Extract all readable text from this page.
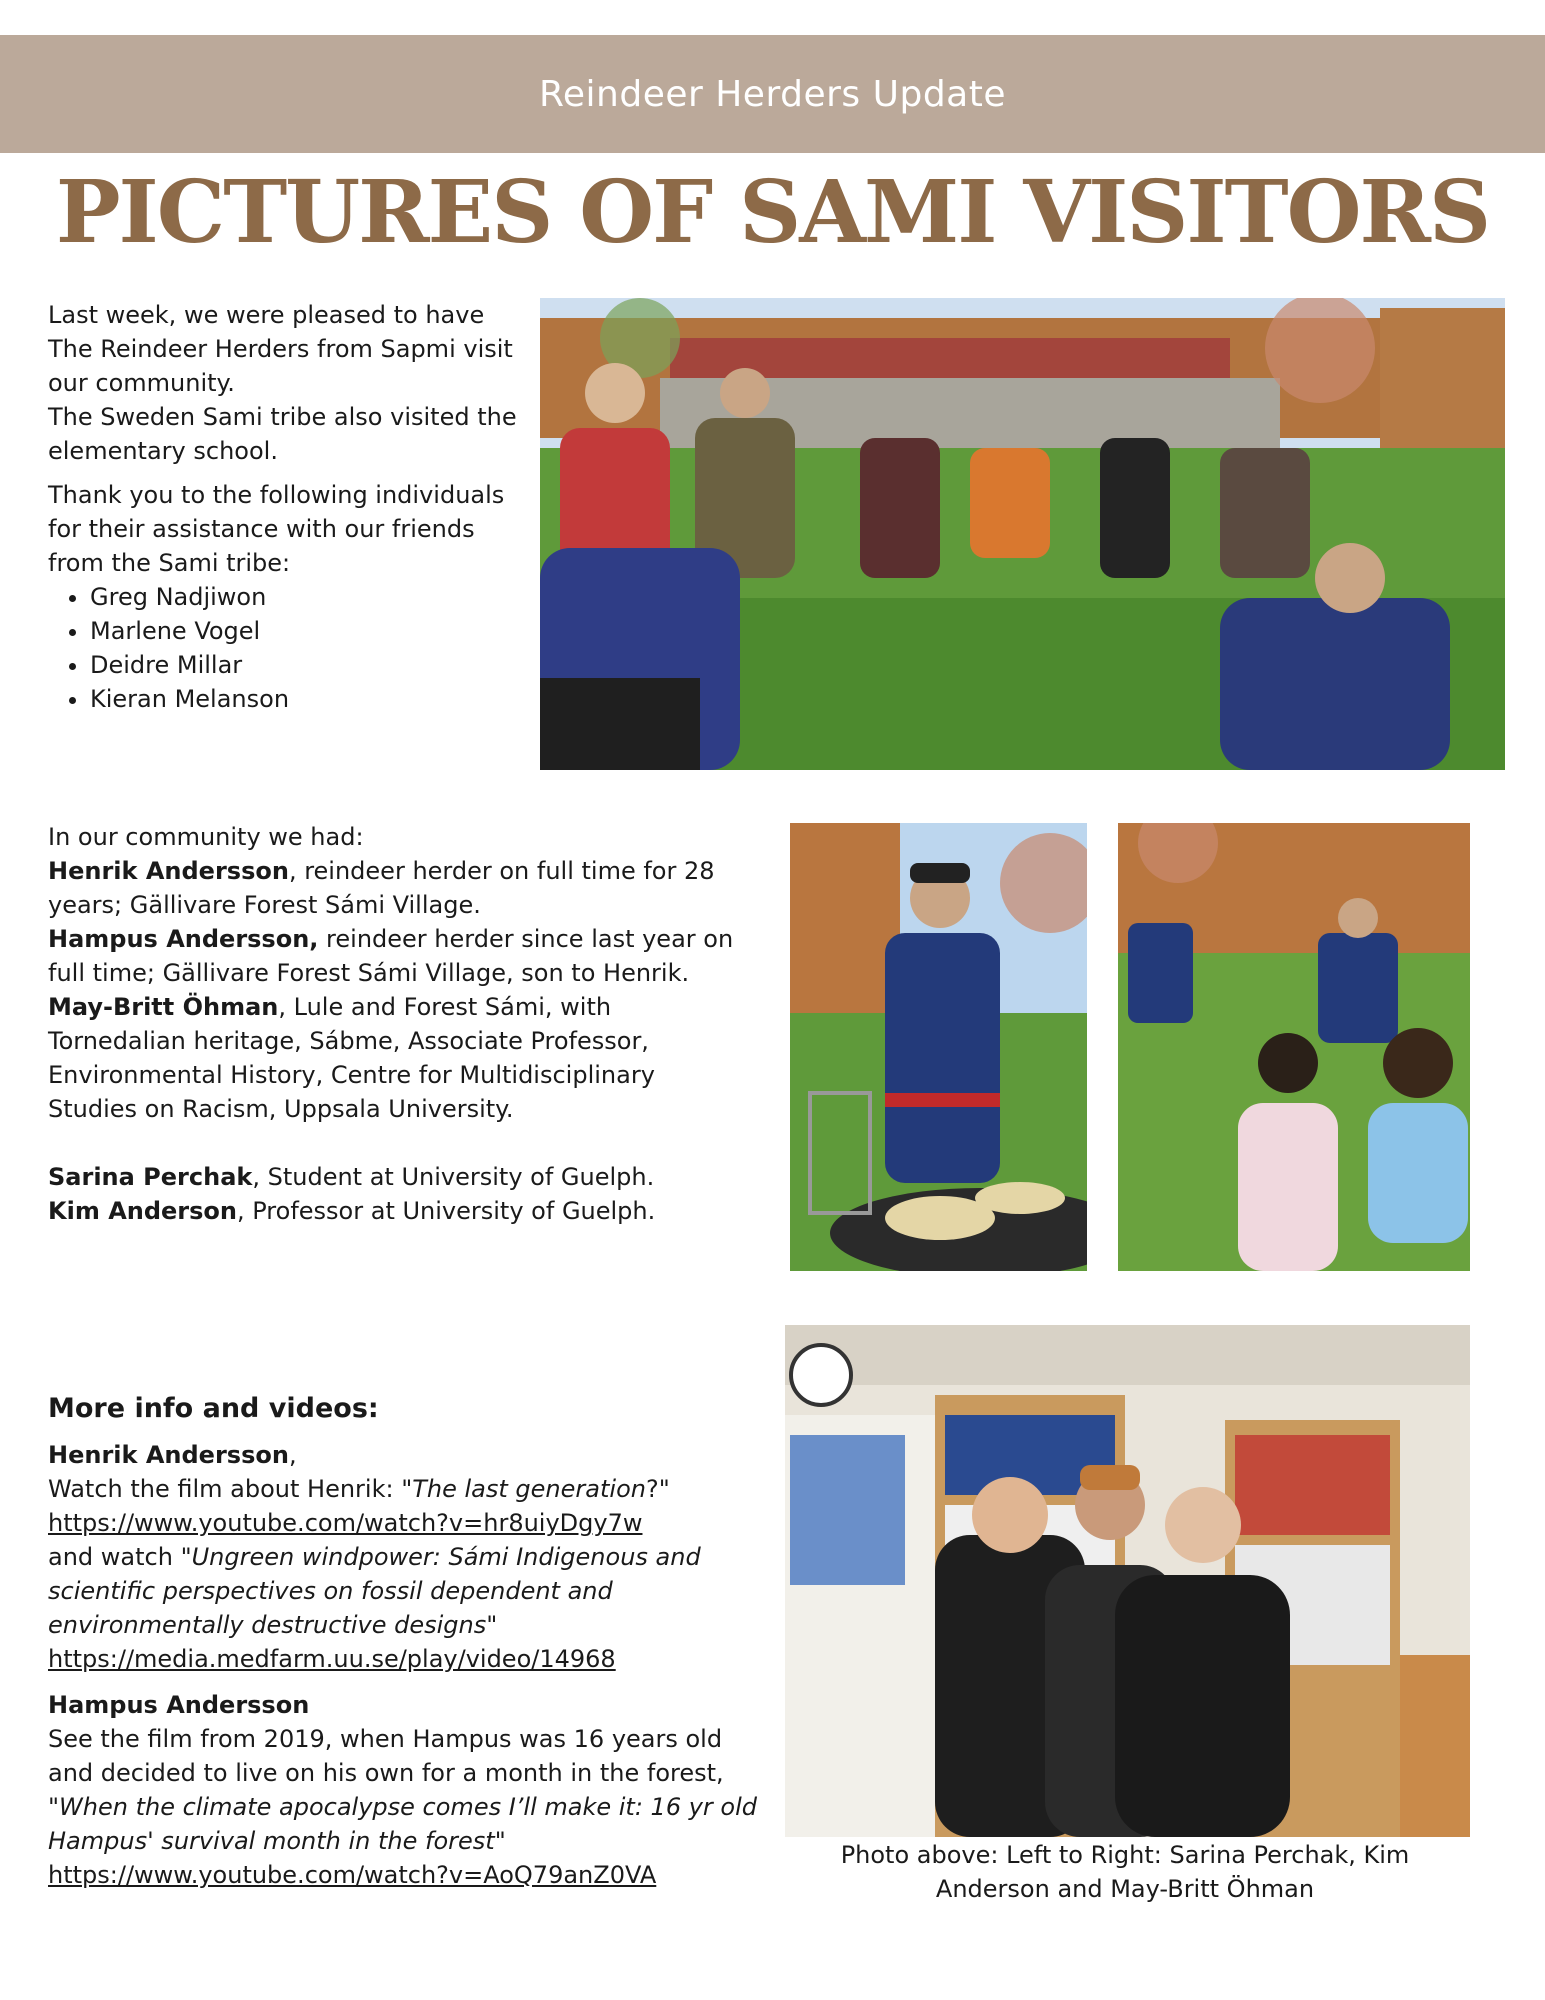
Reindeer Herders Update
PICTURES OF SAMI VISITORS

Last week, we were pleased to have The Reindeer Herders from Sapmi visit our community.

The Sweden Sami tribe also visited the elementary school.

Thank you to the following individuals for their assistance with our friends from the Sami tribe:

• Greg Nadjiwon
• Marlene Vogel
• Deidre Millar
• Kieran Melanson

In our community we had:

Henrik Andersson, reindeer herder on full time for 28 years; Gällivare Forest Sámi Village.

Hampus Andersson, reindeer herder since last year on full time; Gällivare Forest Sámi Village, son to Henrik.

May-Britt Öhman, Lule and Forest Sámi, with Tornedalian heritage, Sábme, Associate Professor, Environmental History, Centre for Multidisciplinary Studies on Racism, Uppsala University.

Sarina Perchak, Student at University of Guelph.

Kim Anderson, Professor at University of Guelph.

More info and videos:

Henrik Andersson,

Watch the film about Henrik: "The last generation?"

https://www.youtube.com/watch?v=hr8uiyDgy7w

and watch "Ungreen windpower: Sámi Indigenous and scientific perspectives on fossil dependent and environmentally destructive designs"

https://media.medfarm.uu.se/play/video/14968

Hampus Andersson

See the film from 2019, when Hampus was 16 years old and decided to live on his own for a month in the forest,

"When the climate apocalypse comes I’ll make it: 16 yr old Hampus' survival month in the forest"

https://www.youtube.com/watch?v=AoQ79anZ0VA

Photo above: Left to Right: Sarina Perchak, Kim Anderson and May-Britt Öhman
